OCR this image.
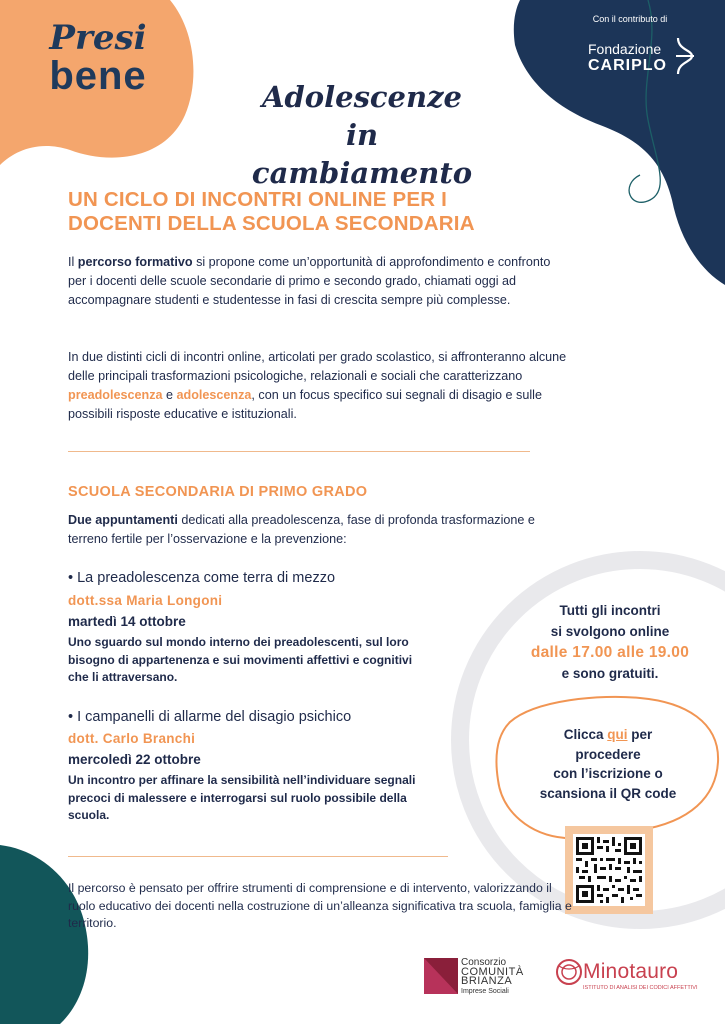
Presi
bene
Con il contributo di
Fondazione
CARIPLO
Adolescenze
in cambiamento
UN CICLO DI INCONTRI ONLINE PER I
DOCENTI DELLA SCUOLA SECONDARIA
Il percorso formativo si propone come un’opportunità di approfondimento e confronto per i docenti delle scuole secondarie di primo e secondo grado, chiamati oggi ad accompagnare studenti e studentesse in fasi di crescita sempre più complesse.
In due distinti cicli di incontri online, articolati per grado scolastico, si affronteranno alcune delle principali trasformazioni psicologiche, relazionali e sociali che caratterizzano preadolescenza e adolescenza, con un focus specifico sui segnali di disagio e sulle possibili risposte educative e istituzionali.
SCUOLA SECONDARIA DI PRIMO GRADO
Due appuntamenti dedicati alla preadolescenza, fase di profonda trasformazione e terreno fertile per l’osservazione e la prevenzione:
• La preadolescenza come terra di mezzo
dott.ssa Maria Longoni
martedì 14 ottobre
Uno sguardo sul mondo interno dei preadolescenti, sul loro bisogno di appartenenza e sui movimenti affettivi e cognitivi che li attraversano.
• I campanelli di allarme del disagio psichico
dott. Carlo Branchi
mercoledì 22 ottobre
Un incontro per affinare la sensibilità nell’individuare segnali precoci di malessere e interrogarsi sul ruolo possibile della scuola.
Tutti gli incontri
si svolgono online
dalle 17.00 alle 19.00
e sono gratuiti.
Clicca qui per
procedere
con l’iscrizione o
scansiona il QR code
Il percorso è pensato per offrire strumenti di comprensione e di intervento, valorizzando il ruolo educativo dei docenti nella costruzione di un’alleanza significativa tra scuola, famiglia e territorio.
Consorzio
COMUNITÀ
BRIANZA
Imprese Sociali
Minotauro
ISTITUTO DI ANALISI DEI CODICI AFFETTIVI
